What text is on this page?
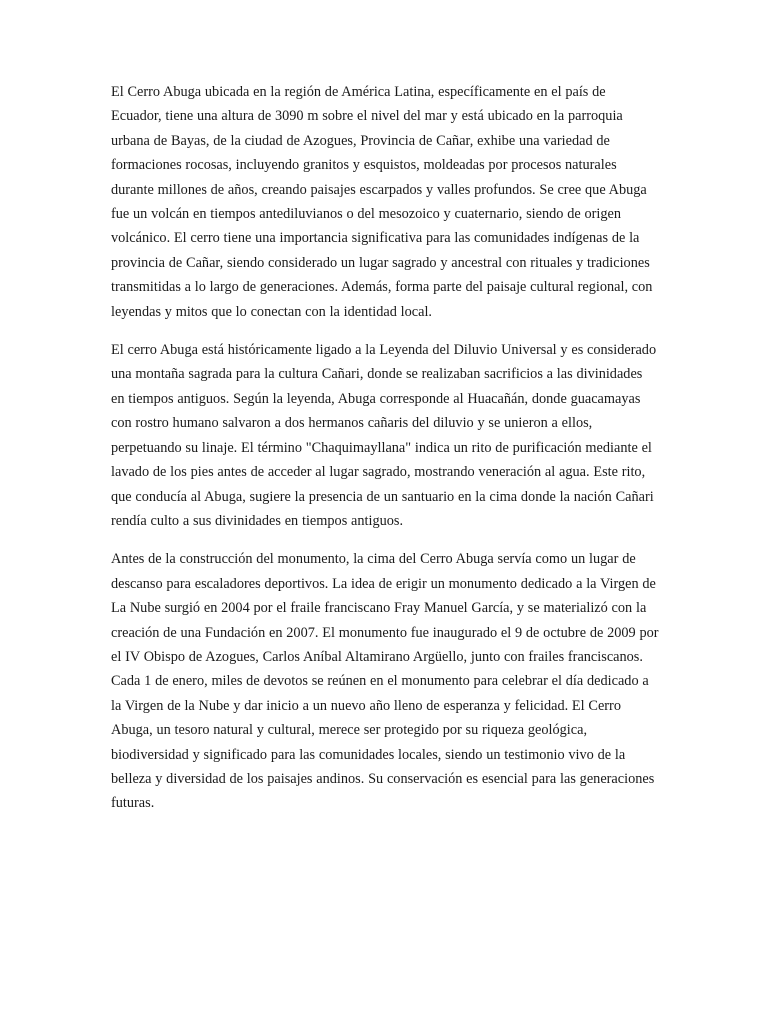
El Cerro Abuga ubicada en la región de América Latina, específicamente en el país de Ecuador, tiene una altura de 3090 m sobre el nivel del mar y está ubicado en la parroquia urbana de Bayas, de la ciudad de Azogues, Provincia de Cañar, exhibe una variedad de formaciones rocosas, incluyendo granitos y esquistos, moldeadas por procesos naturales durante millones de años, creando paisajes escarpados y valles profundos. Se cree que Abuga fue un volcán en tiempos antediluvianos o del mesozoico y cuaternario, siendo de origen volcánico. El cerro tiene una importancia significativa para las comunidades indígenas de la provincia de Cañar, siendo considerado un lugar sagrado y ancestral con rituales y tradiciones transmitidas a lo largo de generaciones. Además, forma parte del paisaje cultural regional, con leyendas y mitos que lo conectan con la identidad local.

El cerro Abuga está históricamente ligado a la Leyenda del Diluvio Universal y es considerado una montaña sagrada para la cultura Cañari, donde se realizaban sacrificios a las divinidades en tiempos antiguos. Según la leyenda, Abuga corresponde al Huacañán, donde guacamayas con rostro humano salvaron a dos hermanos cañaris del diluvio y se unieron a ellos, perpetuando su linaje. El término "Chaquimayllana" indica un rito de purificación mediante el lavado de los pies antes de acceder al lugar sagrado, mostrando veneración al agua. Este rito, que conducía al Abuga, sugiere la presencia de un santuario en la cima donde la nación Cañari rendía culto a sus divinidades en tiempos antiguos.

Antes de la construcción del monumento, la cima del Cerro Abuga servía como un lugar de descanso para escaladores deportivos. La idea de erigir un monumento dedicado a la Virgen de La Nube surgió en 2004 por el fraile franciscano Fray Manuel García, y se materializó con la creación de una Fundación en 2007. El monumento fue inaugurado el 9 de octubre de 2009 por el IV Obispo de Azogues, Carlos Aníbal Altamirano Argüello, junto con frailes franciscanos. Cada 1 de enero, miles de devotos se reúnen en el monumento para celebrar el día dedicado a la Virgen de la Nube y dar inicio a un nuevo año lleno de esperanza y felicidad. El Cerro Abuga, un tesoro natural y cultural, merece ser protegido por su riqueza geológica, biodiversidad y significado para las comunidades locales, siendo un testimonio vivo de la belleza y diversidad de los paisajes andinos. Su conservación es esencial para las generaciones futuras.
